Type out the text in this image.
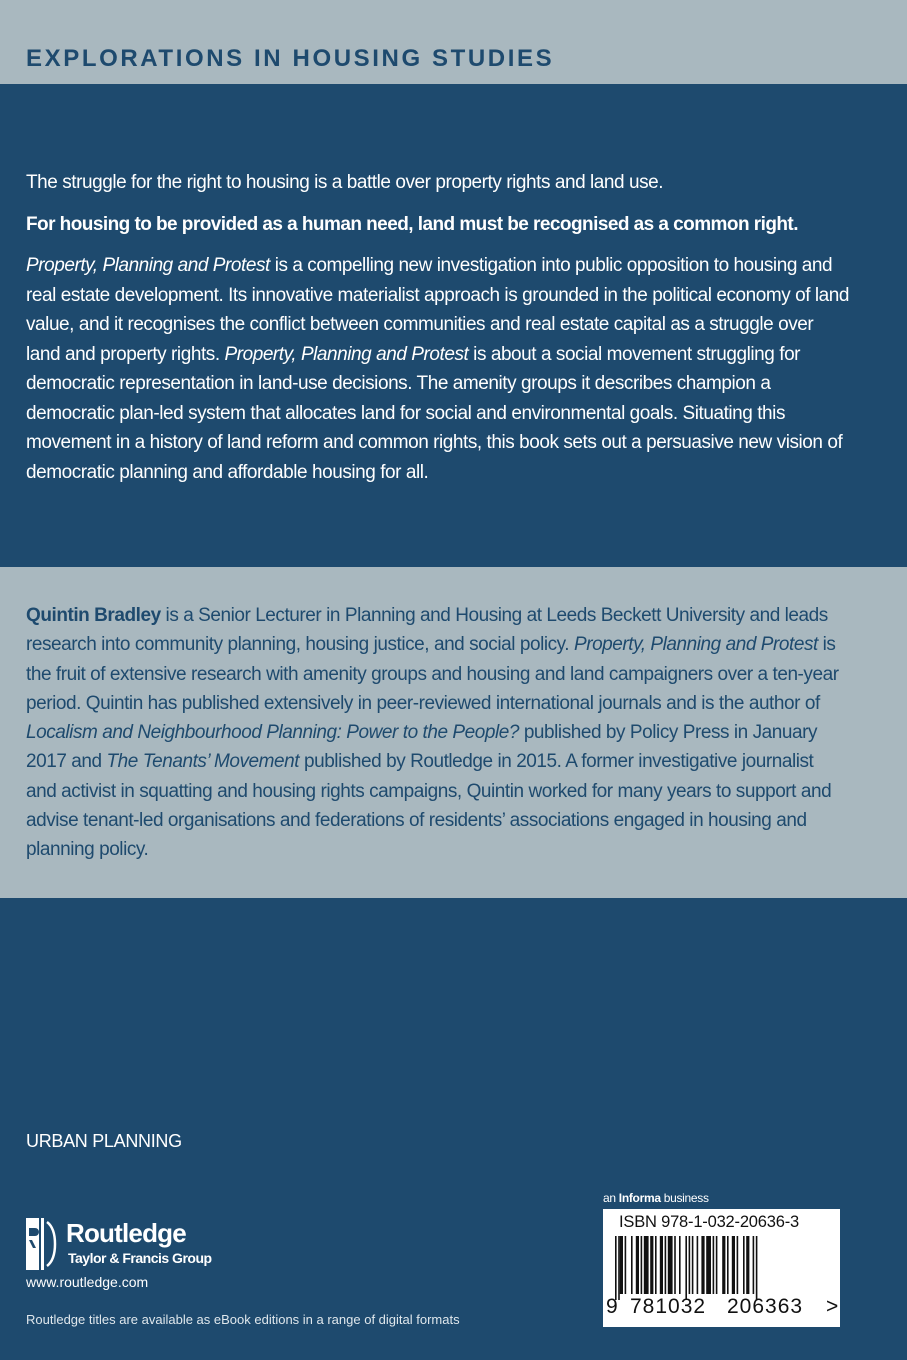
EXPLORATIONS IN HOUSING STUDIES

The struggle for the right to housing is a battle over property rights and land use.

For housing to be provided as a human need, land must be recognised as a common right.

Property, Planning and Protest is a compelling new investigation into public opposition to housing and real estate development. Its innovative materialist approach is grounded in the political economy of land value, and it recognises the conflict between communities and real estate capital as a struggle over land and property rights. Property, Planning and Protest is about a social movement struggling for democratic representation in land-use decisions. The amenity groups it describes champion a democratic plan-led system that allocates land for social and environmental goals. Situating this movement in a history of land reform and common rights, this book sets out a persuasive new vision of democratic planning and affordable housing for all.

Quintin Bradley is a Senior Lecturer in Planning and Housing at Leeds Beckett University and leads research into community planning, housing justice, and social policy. Property, Planning and Protest is the fruit of extensive research with amenity groups and housing and land campaigners over a ten-year period. Quintin has published extensively in peer-reviewed international journals and is the author of Localism and Neighbourhood Planning: Power to the People? published by Policy Press in January 2017 and The Tenants’ Movement published by Routledge in 2015. A former investigative journalist and activist in squatting and housing rights campaigns, Quintin worked for many years to support and advise tenant-led organisations and federations of residents’ associations engaged in housing and planning policy.

URBAN PLANNING
Routledge
Taylor & Francis Group
www.routledge.com
Routledge titles are available as eBook editions in a range of digital formats
an Informa business
ISBN 978-1-032-20636-3
9 781032 206363 >
